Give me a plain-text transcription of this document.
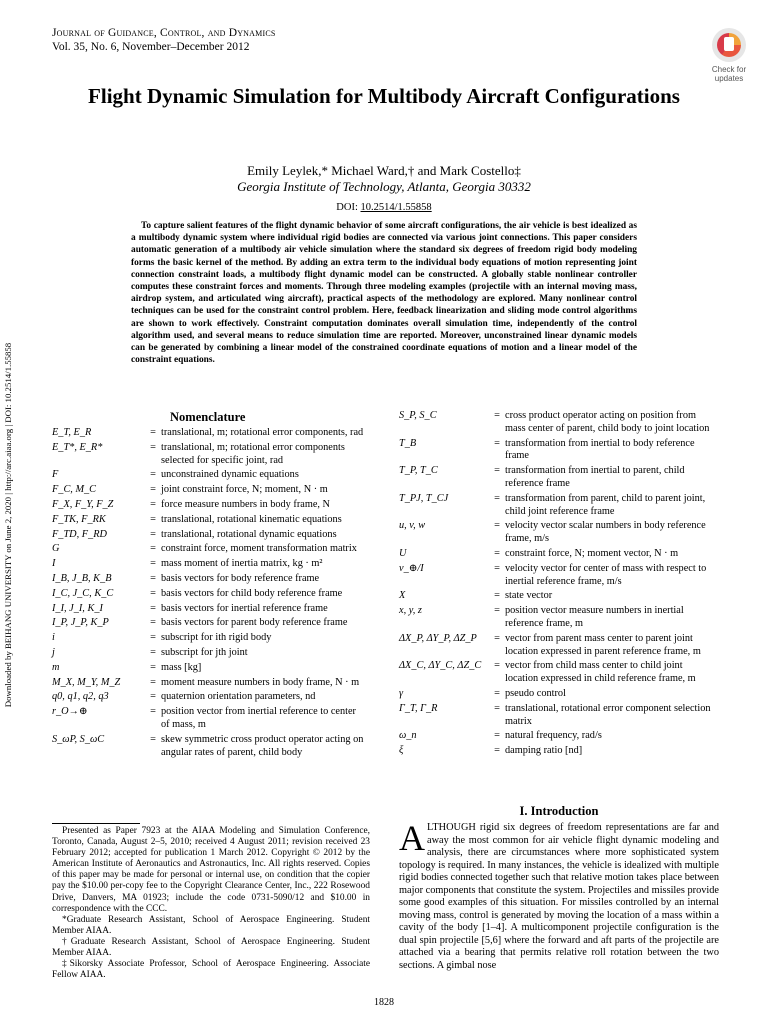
Downloaded by BEIHANG UNIVERSITY on June 2, 2020 | http://arc.aiaa.org | DOI: 10.2514/1.55858
Journal of Guidance, Control, and Dynamics
Vol. 35, No. 6, November–December 2012
Check for
updates
Flight Dynamic Simulation for Multibody Aircraft Configurations
Emily Leylek,* Michael Ward,† and Mark Costello‡
Georgia Institute of Technology, Atlanta, Georgia 30332
DOI: 10.2514/1.55858
To capture salient features of the flight dynamic behavior of some aircraft configurations, the air vehicle is best idealized as a multibody dynamic system where individual rigid bodies are connected via various joint connections. This paper considers automatic generation of a multibody air vehicle simulation where the standard six degrees of freedom rigid body modeling forms the basic kernel of the method. By adding an extra term to the individual body equations of motion representing joint connection constraint loads, a multibody flight dynamic model can be constructed. A globally stable nonlinear controller computes these constraint forces and moments. Through three modeling examples (projectile with an internal moving mass, airdrop system, and articulated wing aircraft), practical aspects of the methodology are explored. Many nonlinear control techniques can be used for the constraint control problem. Here, feedback linearization and sliding mode control algorithms are shown to work effectively. Constraint computation dominates overall simulation time, independently of the control algorithm used, and several means to reduce simulation time are reported. Moreover, unconstrained linear dynamic models can be generated by combining a linear model of the constrained coordinate equations of motion and a linear model of the constraint equations.
Nomenclature
E_T, E_R	= translational, m; rotational error components, rad
E_T*, E_R*	= translational, m; rotational error components selected for specific joint, rad
F	= unconstrained dynamic equations
F_C, M_C	= joint constraint force, N; moment, N · m
F_X, F_Y, F_Z	= force measure numbers in body frame, N
F_TK, F_RK	= translational, rotational kinematic equations
F_TD, F_RD	= translational, rotational dynamic equations
G	= constraint force, moment transformation matrix
I	= mass moment of inertia matrix, kg · m²
I_B, J_B, K_B	= basis vectors for body reference frame
I_C, J_C, K_C	= basis vectors for child body reference frame
I_I, J_I, K_I	= basis vectors for inertial reference frame
I_P, J_P, K_P	= basis vectors for parent body reference frame
i	= subscript for ith rigid body
j	= subscript for jth joint
m	= mass [kg]
M_X, M_Y, M_Z	= moment measure numbers in body frame, N · m
q0, q1, q2, q3	= quaternion orientation parameters, nd
r_O→⊕	= position vector from inertial reference to center of mass, m
S_ωP, S_ωC	= skew symmetric cross product operator acting on angular rates of parent, child body
S_P, S_C	= cross product operator acting on position from mass center of parent, child body to joint location
T_B	= transformation from inertial to body reference frame
T_P, T_C	= transformation from inertial to parent, child reference frame
T_PJ, T_CJ	= transformation from parent, child to parent joint, child joint reference frame
u, v, w	= velocity vector scalar numbers in body reference frame, m/s
U	= constraint force, N; moment vector, N · m
v_⊕/I	= velocity vector for center of mass with respect to inertial reference frame, m/s
X	= state vector
x, y, z	= position vector measure numbers in inertial reference frame, m
ΔX_P, ΔY_P, ΔZ_P	= vector from parent mass center to parent joint location expressed in parent reference frame, m
ΔX_C, ΔY_C, ΔZ_C	= vector from child mass center to child joint location expressed in child reference frame, m
γ	= pseudo control
Γ_T, Γ_R	= translational, rotational error component selection matrix
ω_n	= natural frequency, rad/s
ξ	= damping ratio [nd]

Presented as Paper 7923 at the AIAA Modeling and Simulation Conference, Toronto, Canada, August 2–5, 2010; received 4 August 2011; revision received 23 February 2012; accepted for publication 1 March 2012. Copyright © 2012 by the American Institute of Aeronautics and Astronautics, Inc. All rights reserved. Copies of this paper may be made for personal or internal use, on condition that the copier pay the $10.00 per-copy fee to the Copyright Clearance Center, Inc., 222 Rosewood Drive, Danvers, MA 01923; include the code 0731-5090/12 and $10.00 in correspondence with the CCC.

*Graduate Research Assistant, School of Aerospace Engineering. Student Member AIAA.

†Graduate Research Assistant, School of Aerospace Engineering. Student Member AIAA.

‡Sikorsky Associate Professor, School of Aerospace Engineering. Associate Fellow AIAA.

I. Introduction
ALTHOUGH rigid six degrees of freedom representations are far and away the most common for air vehicle flight dynamic modeling and analysis, there are circumstances where more sophisticated system topology is required. In many instances, the vehicle is idealized with multiple rigid bodies connected together such that relative motion takes place between major components that constitute the system. Projectiles and missiles provide some good examples of this situation. For missiles controlled by an internal moving mass, control is generated by moving the location of a mass within a cavity of the body [1–4]. A multicomponent projectile configuration is the dual spin projectile [5,6] where the forward and aft parts of the projectile are attached via a bearing that permits relative roll rotation between the two sections. A gimbal nose
1828
